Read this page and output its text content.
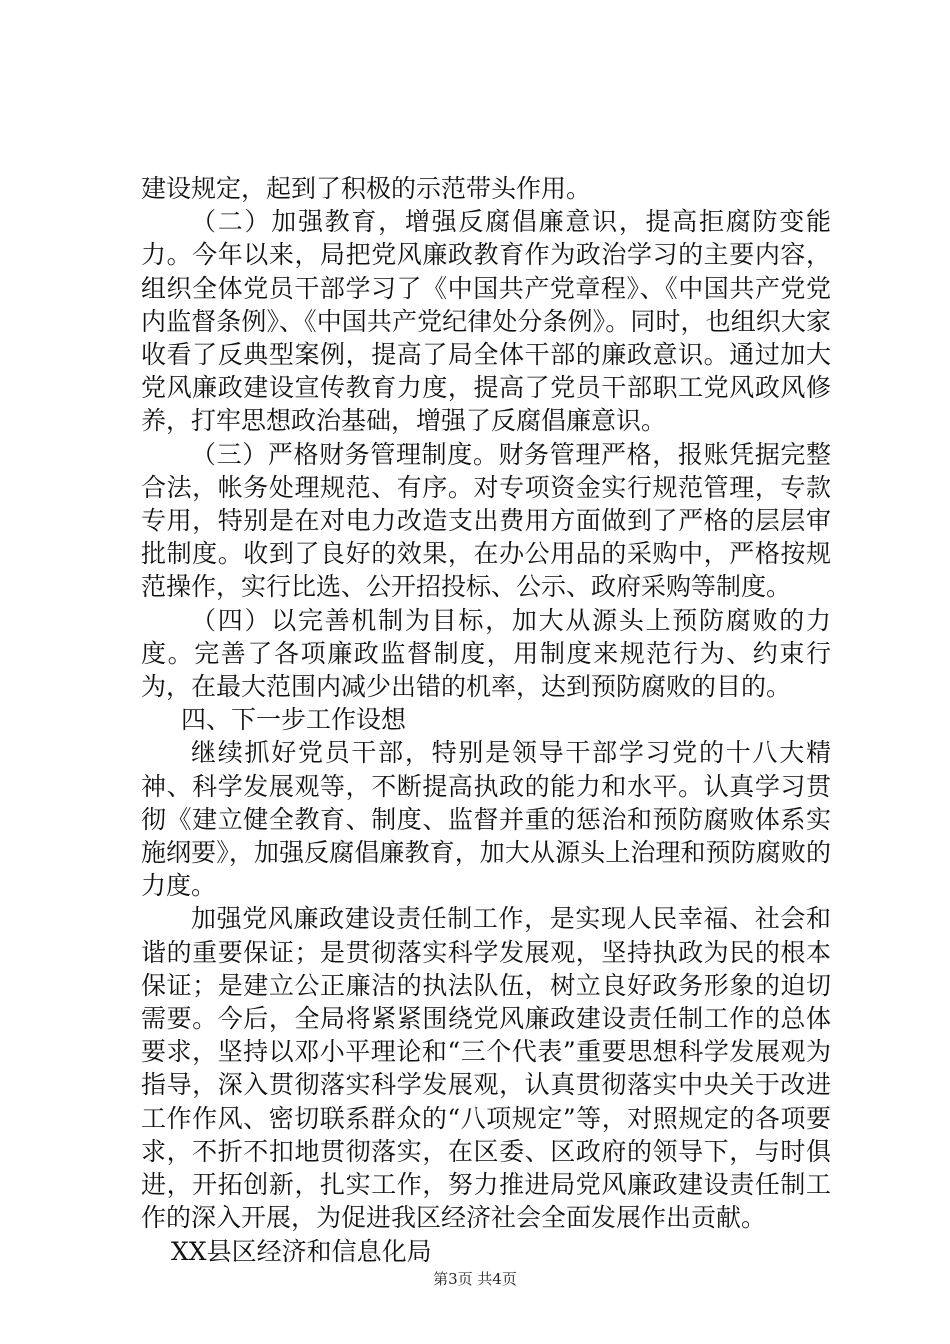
建设规定，起到了积极的示范带头作用。

（二）加强教育，增强反腐倡廉意识，提高拒腐防变能力。今年以来，局把党风廉政教育作为政治学习的主要内容，组织全体党员干部学习了《中国共产党章程》、《中国共产党党内监督条例》、《中国共产党纪律处分条例》。同时，也组织大家收看了反典型案例，提高了局全体干部的廉政意识。通过加大党风廉政建设宣传教育力度，提高了党员干部职工党风政风修养，打牢思想政治基础，增强了反腐倡廉意识。

（三）严格财务管理制度。财务管理严格，报账凭据完整合法，帐务处理规范、有序。对专项资金实行规范管理，专款专用，特别是在对电力改造支出费用方面做到了严格的层层审批制度。收到了良好的效果，在办公用品的采购中，严格按规范操作，实行比选、公开招投标、公示、政府采购等制度。

（四）以完善机制为目标，加大从源头上预防腐败的力度。完善了各项廉政监督制度，用制度来规范行为、约束行为，在最大范围内减少出错的机率，达到预防腐败的目的。

四、下一步工作设想

继续抓好党员干部，特别是领导干部学习党的十八大精神、科学发展观等，不断提高执政的能力和水平。认真学习贯彻《建立健全教育、制度、监督并重的惩治和预防腐败体系实施纲要》，加强反腐倡廉教育，加大从源头上治理和预防腐败的力度。

加强党风廉政建设责任制工作，是实现人民幸福、社会和谐的重要保证；是贯彻落实科学发展观，坚持执政为民的根本保证；是建立公正廉洁的执法队伍，树立良好政务形象的迫切需要。今后，全局将紧紧围绕党风廉政建设责任制工作的总体要求，坚持以邓小平理论和“三个代表”重要思想科学发展观为指导，深入贯彻落实科学发展观，认真贯彻落实中央关于改进工作作风、密切联系群众的“八项规定”等，对照规定的各项要求，不折不扣地贯彻落实，在区委、区政府的领导下，与时俱进，开拓创新，扎实工作，努力推进局党风廉政建设责任制工作的深入开展，为促进我区经济社会全面发展作出贡献。

XX县区经济和信息化局

第3页 共4页
